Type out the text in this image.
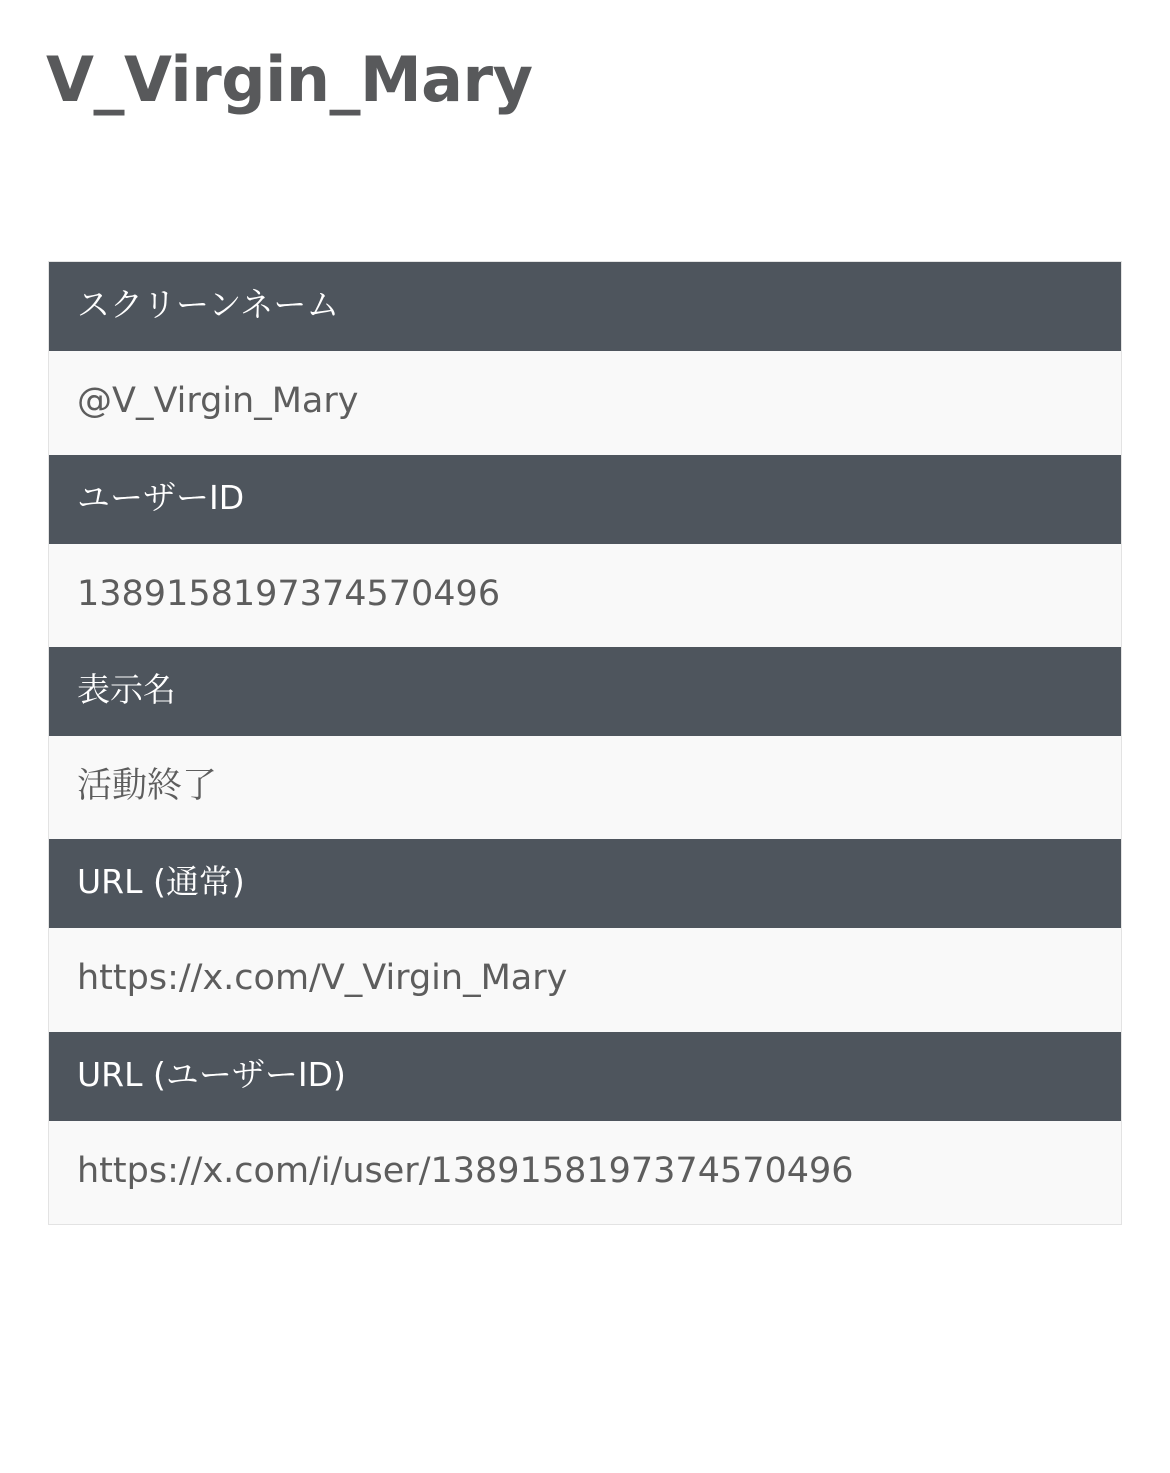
V_Virgin_Mary
スクリーンネーム
@V_Virgin_Mary
ユーザーID
1389158197374570496
表示名
活動終了
URL (通常)
https://x.com/V_Virgin_Mary
URL (ユーザーID)
https://x.com/i/user/1389158197374570496
